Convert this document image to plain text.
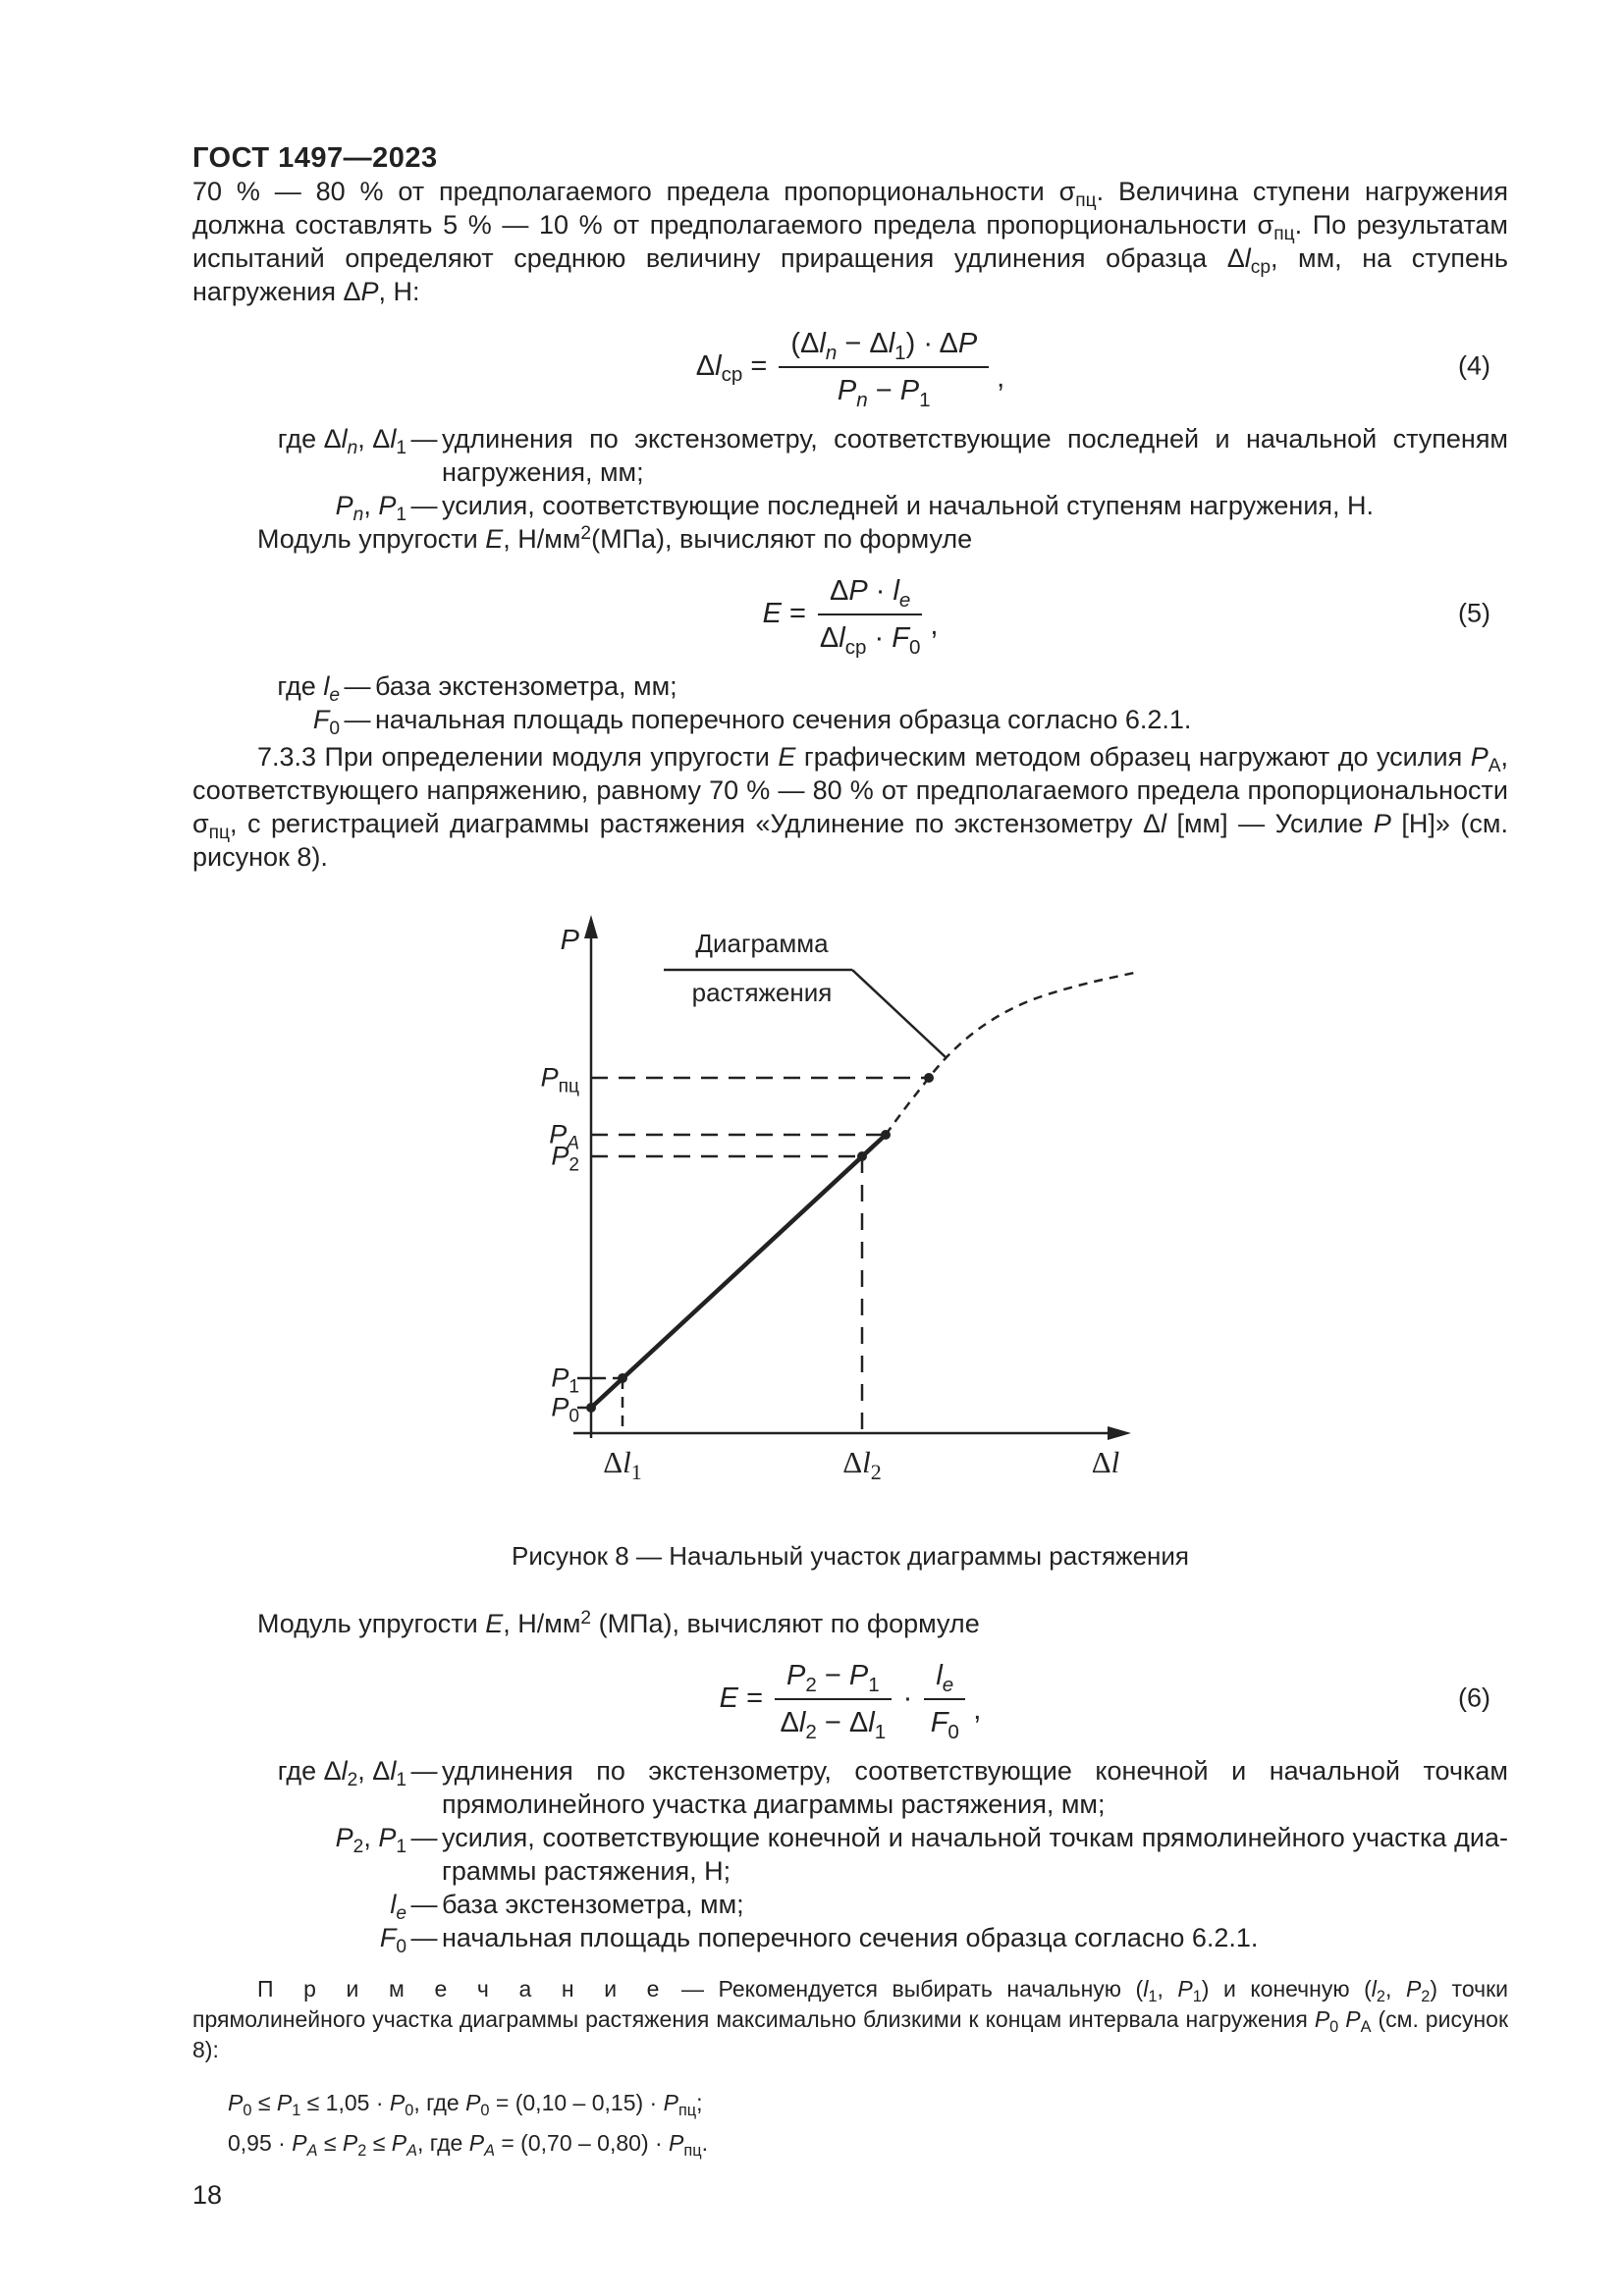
ГОСТ 1497—2023

70 % — 80 % от предполагаемого предела пропорциональности $\sigma_{пц}$. Величина ступени нагружения должна составлять 5 % — 10 % от предполагаемого предела пропорциональности $\sigma_{пц}$. По результатам испытаний определяют среднюю величину приращения удлинения образца $\Delta l_{ср}$, мм, на ступень нагружения ΔP, Н:

$\Delta l_{ср} = \frac{(\Delta l_n - \Delta l_1) \cdot \Delta P}{P_n - P_1}$ ,	(4)
где $\Delta l_n$, $\Delta l_1$ — удлинения по экстензометру, соответствующие последней и начальной ступеням нагружения, мм;
$P_n$, $P_1$ — усилия, соответствующие последней и начальной ступеням нагружения, Н.

Модуль упругости E, $Н/мм^2(МПа)$, вычисляют по формуле

$E = \frac{\Delta P \cdot l_e}{\Delta l_{ср} \cdot F_0}$ ,	(5)
где $l_e$ — база экстензометра, мм;
$F_0$ — начальная площадь поперечного сечения образца согласно 6.2.1.

7.3.3 При определении модуля упругости E графическим методом образец нагружают до усилия $P_А$, соответствующего напряжению, равному 70 % — 80 % от предполагаемого предела пропорциональности $\sigma_{пц}$, с регистрацией диаграммы растяжения «Удлинение по экстензометру Δl [мм] — Усилие P [Н]» (см. рисунок 8).

P	Диаграмма
растяжения
$P_{пц}$
$P_A$
$P_2$
$P_1$
$P_0$
$\Delta l_1$	$\Delta l_2$	Δl
Рисунок 8 — Начальный участок диаграммы растяжения

Модуль упругости E, $Н/мм^2$ (МПа), вычисляют по формуле

$E = \frac{P_2 - P_1}{\Delta l_2 - \Delta l_1} \cdot \frac{l_e}{F_0}$ ,	(6)
где $\Delta l_2$, $\Delta l_1$ — удлинения по экстензометру, соответствующие конечной и начальной точкам прямолинейного участка диаграммы растяжения, мм;
$P_2$, $P_1$ — усилия, соответствующие конечной и начальной точкам прямолинейного участка диаграммы растяжения, Н;
$l_e$ — база экстензометра, мм;
$F_0$ — начальная площадь поперечного сечения образца согласно 6.2.1.

П р и м е ч а н и е — Рекомендуется выбирать начальную ($l_1$, $P_1$) и конечную ($l_2$, $P_2$) точки прямолинейного участка диаграммы растяжения максимально близкими к концам интервала нагружения $P_0$ $P_А$ (см. рисунок 8):

$P_0 \le P_1 \le 1,05 \cdot P_0$, где $P_0 = (0,10 - 0,15) \cdot P_{пц}$;
$0,95 \cdot P_A \le P_2 \le P_A$, где $P_A = (0,70 - 0,80) \cdot P_{пц}$.
18
